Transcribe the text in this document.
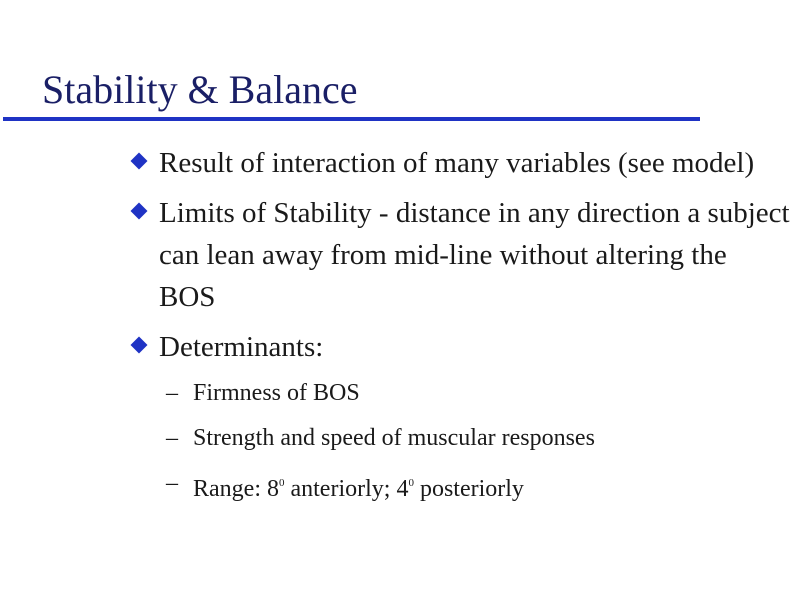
Stability & Balance
Result of interaction of many variables (see model)
Limits of Stability - distance in any direction a subject can lean away from mid-line without altering the BOS
Determinants:
– Firmness of BOS
– Strength and speed of muscular responses
– Range: $8^0$ anteriorly; $4^0$ posteriorly
